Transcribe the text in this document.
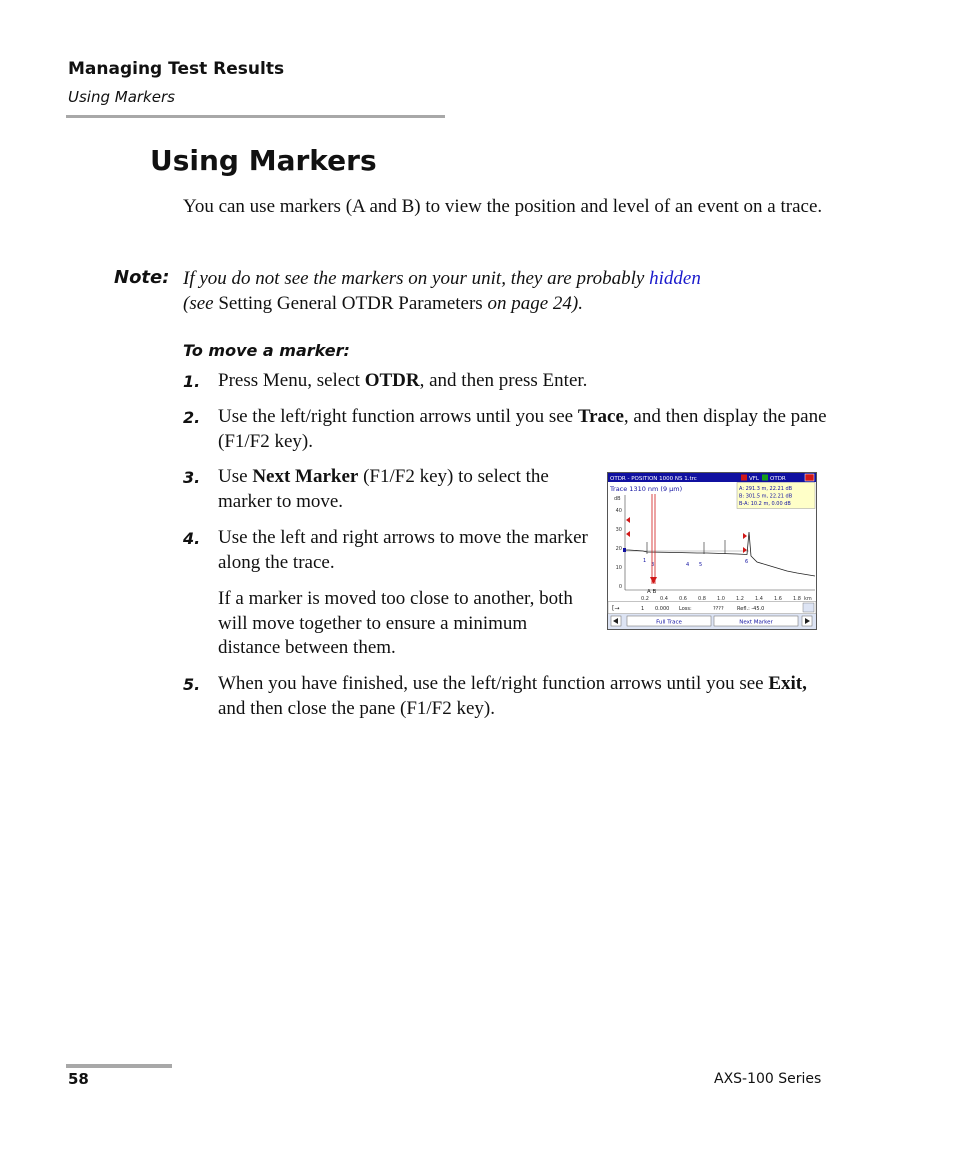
Managing Test Results
Using Markers
Using Markers
You can use markers (A and B) to view the position and level of an event on a trace.
Note: If you do not see the markers on your unit, they are probably hidden
(see Setting General OTDR Parameters on page 24).
To move a marker:
1. Press Menu, select OTDR, and then press Enter.
2. Use the left/right function arrows until you see Trace, and then display the pane (F1/F2 key).
3. Use Next Marker (F1/F2 key) to select the marker to move.
4. Use the left and right arrows to move the marker along the trace.
If a marker is moved too close to another, both will move together to ensure a minimum distance between them.
5. When you have finished, use the left/right function arrows until you see Exit, and then close the pane (F1/F2 key).
OTDR - POSITION 1000 NS 1.trc	VFL OTDR
Trace 1310 nm (9 µm)	A: 291.3 m, 22.21 dB
B: 301.5 m, 22.21 dB
B-A: 10.2 m, 0.00 dB
dB
40
30
20
10
0
0.2 0.4 0.6 0.8 1.0 1.2 1.4 1.6 1.8 km
1
3	4 5	6
A B
[→	1 0.000 Loss:	????	Refl.: -45.0
Full Trace	Next Marker
58	AXS-100 Series
